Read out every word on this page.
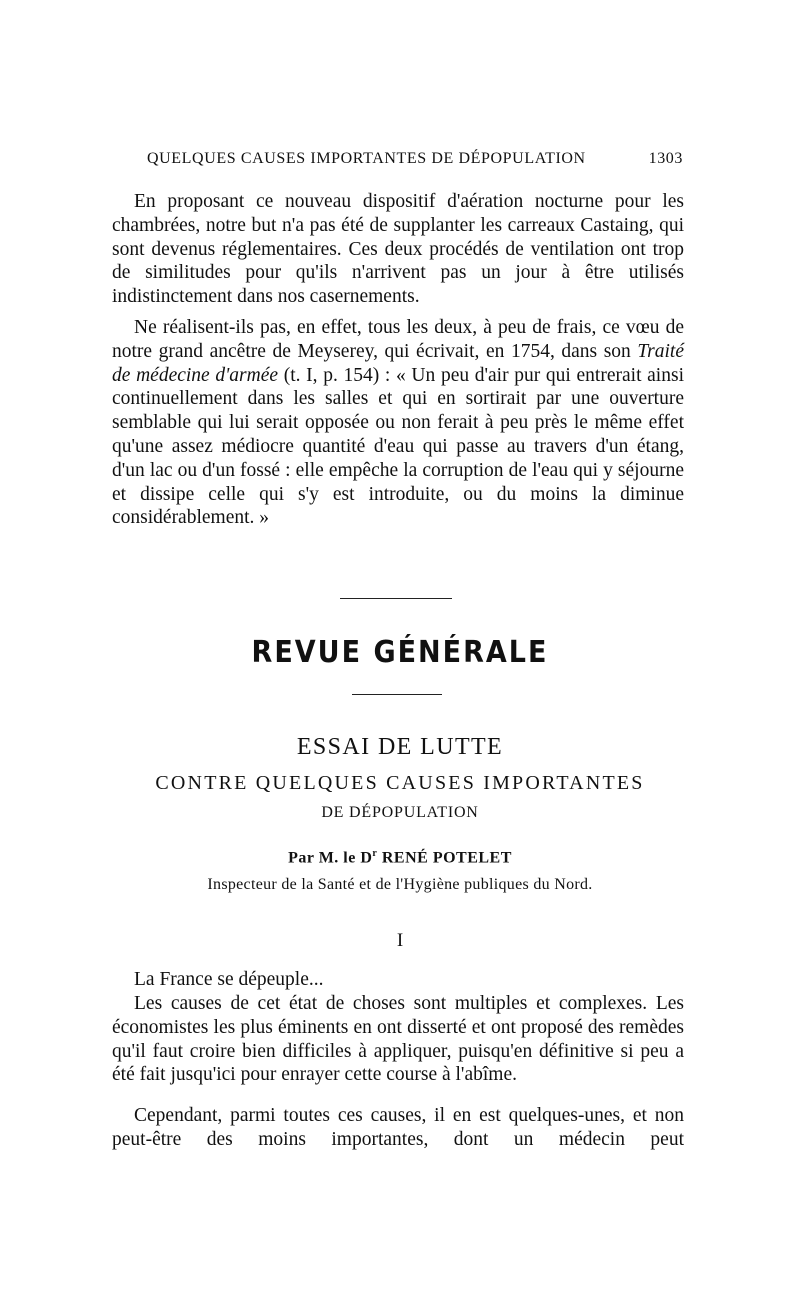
QUELQUES CAUSES IMPORTANTES DE DÉPOPULATION	1303

En proposant ce nouveau dispositif d'aération nocturne pour les chambrées, notre but n'a pas été de supplanter les carreaux Castaing, qui sont devenus réglementaires. Ces deux procédés de ventilation ont trop de similitudes pour qu'ils n'arrivent pas un jour à être utilisés indistinctement dans nos casernements.

Ne réalisent-ils pas, en effet, tous les deux, à peu de frais, ce vœu de notre grand ancêtre de Meyserey, qui écrivait, en 1754, dans son Traité de médecine d'armée (t. I, p. 154) : « Un peu d'air pur qui entrerait ainsi continuellement dans les salles et qui en sortirait par une ouverture semblable qui lui serait opposée ou non ferait à peu près le même effet qu'une assez médiocre quantité d'eau qui passe au travers d'un étang, d'un lac ou d'un fossé : elle empêche la corruption de l'eau qui y séjourne et dissipe celle qui s'y est introduite, ou du moins la diminue considérablement. »

REVUE GÉNÉRALE
ESSAI DE LUTTE
CONTRE QUELQUES CAUSES IMPORTANTES
DE DÉPOPULATION
Par M. le $D^r$ RENÉ POTELET
Inspecteur de la Santé et de l'Hygiène publiques du Nord.
I

La France se dépeuple...

Les causes de cet état de choses sont multiples et complexes. Les économistes les plus éminents en ont disserté et ont proposé des remèdes qu'il faut croire bien difficiles à appliquer, puisqu'en définitive si peu a été fait jusqu'ici pour enrayer cette course à l'abîme.

Cependant, parmi toutes ces causes, il en est quelques-unes, et non peut-être des moins importantes, dont un médecin peut
